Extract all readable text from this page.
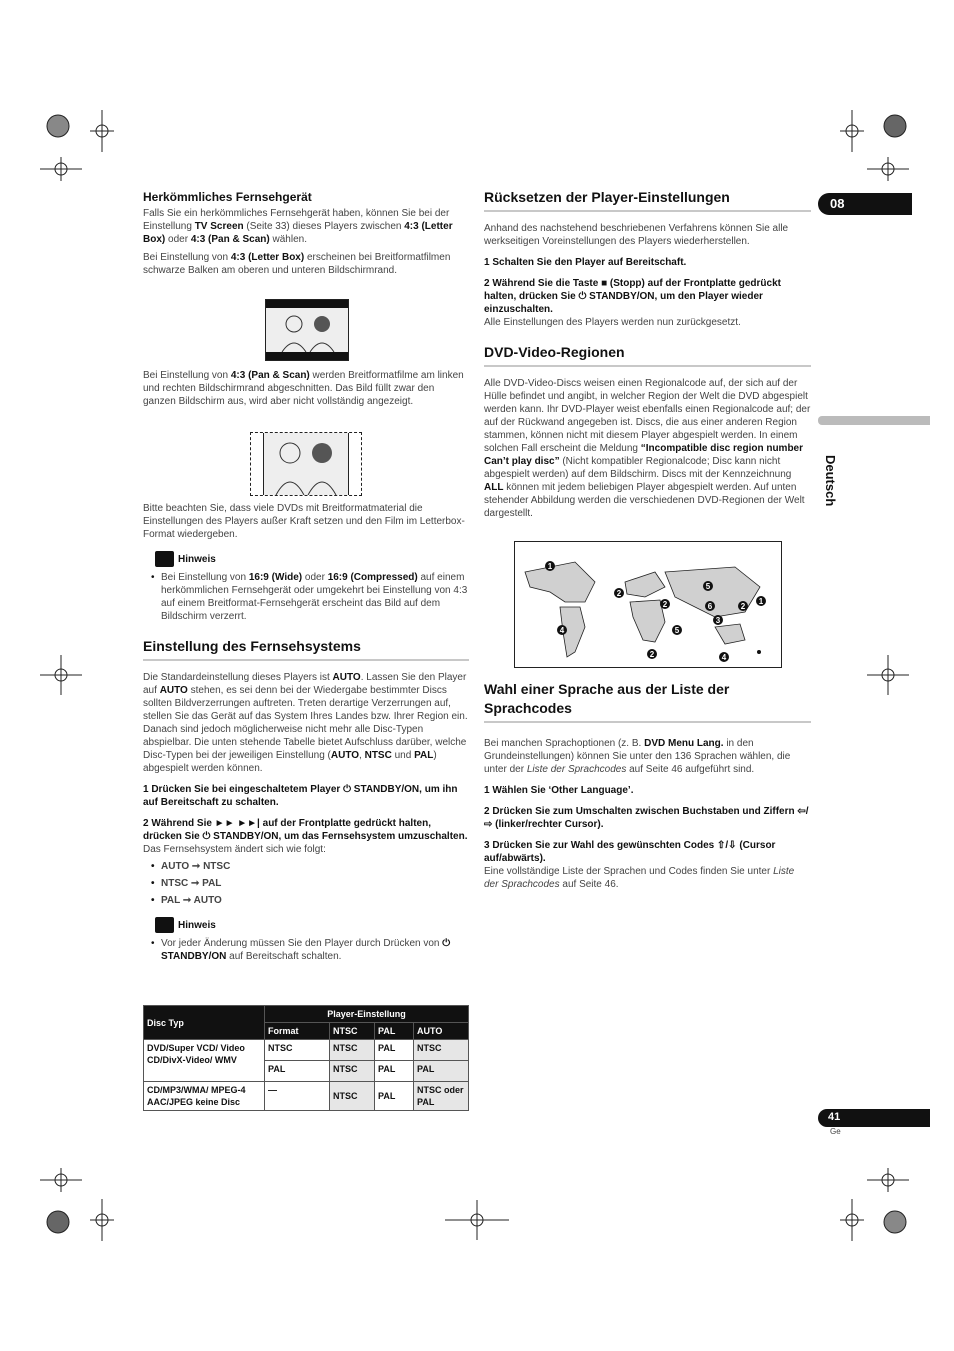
08
Deutsch
41
Ge
Herkömmliches Fernsehgerät

Falls Sie ein herkömmliches Fernsehgerät haben, können Sie bei der Einstellung TV Screen (Seite 33) dieses Players zwischen 4:3 (Letter Box) oder 4:3 (Pan & Scan) wählen.

Bei Einstellung von 4:3 (Letter Box) erscheinen bei Breitformatfilmen schwarze Balken am oberen und unteren Bildschirmrand.

Bei Einstellung von 4:3 (Pan & Scan) werden Breitformatfilme am linken und rechten Bildschirmrand abgeschnitten. Das Bild füllt zwar den ganzen Bildschirm aus, wird aber nicht vollständig angezeigt.

Bitte beachten Sie, dass viele DVDs mit Breitformatmaterial die Einstellungen des Players außer Kraft setzen und den Film im Letterbox-Format wiedergeben.

Hinweis

• Bei Einstellung von 16:9 (Wide) oder 16:9 (Compressed) auf einem herkömmlichen Fernsehgerät oder umgekehrt bei Einstellung von 4:3 auf einem Breitformat-Fernsehgerät erscheint das Bild auf dem Bildschirm verzerrt.

Einstellung des Fernsehsystems

Die Standardeinstellung dieses Players ist AUTO. Lassen Sie den Player auf AUTO stehen, es sei denn bei der Wiedergabe bestimmter Discs sollten Bildverzerrungen auftreten. Treten derartige Verzerrungen auf, stellen Sie das Gerät auf das System Ihres Landes bzw. Ihrer Region ein. Danach sind jedoch möglicherweise nicht mehr alle Disc-Typen abspielbar. Die unten stehende Tabelle bietet Aufschluss darüber, welche Disc-Typen bei der jeweiligen Einstellung (AUTO, NTSC und PAL) abgespielt werden können.

1 Drücken Sie bei eingeschaltetem Player ⏻ STANDBY/ON, um ihn auf Bereitschaft zu schalten.
2 Während Sie ►► ►►| auf der Frontplatte gedrückt halten, drücken Sie ⏻ STANDBY/ON, um das Fernsehsystem umzuschalten.

Das Fernsehsystem ändert sich wie folgt:

• AUTO ➞ NTSC
• NTSC ➞ PAL
• PAL ➞ AUTO
Hinweis

• Vor jeder Änderung müssen Sie den Player durch Drücken von ⏻ STANDBY/ON auf Bereitschaft schalten.

Disc Typ	Player-Einstellung			
	Format	NTSC	PAL	AUTO
DVD/Super VCD/ Video CD/DivX-Video/ WMV	NTSC	NTSC	PAL	NTSC
	PAL	NTSC	PAL	PAL
CD/MP3/WMA/ MPEG-4 AAC/JPEG keine Disc	—	NTSC	PAL	NTSC oder PAL
Rücksetzen der Player-Einstellungen

Anhand des nachstehend beschriebenen Verfahrens können Sie alle werkseitigen Voreinstellungen des Players wiederherstellen.

1 Schalten Sie den Player auf Bereitschaft.
2 Während Sie die Taste ■ (Stopp) auf der Frontplatte gedrückt halten, drücken Sie ⏻ STANDBY/ON, um den Player wieder einzuschalten.

Alle Einstellungen des Players werden nun zurückgesetzt.

DVD-Video-Regionen

Alle DVD-Video-Discs weisen einen Regionalcode auf, der sich auf der Hülle befindet und angibt, in welcher Region der Welt die DVD abgespielt werden kann. Ihr DVD-Player weist ebenfalls einen Regionalcode auf; der auf der Rückwand angegeben ist. Discs, die aus einer anderen Region stammen, können nicht mit diesem Player abgespielt werden. In einem solchen Fall erscheint die Meldung “Incompatible disc region number Can’t play disc” (Nicht kompatibler Regionalcode; Disc kann nicht abgespielt werden) auf dem Bildschirm. Discs mit der Kennzeichnung ALL können mit jedem beliebigen Player abgespielt werden. Auf unten stehender Abbildung werden die verschiedenen DVD-Regionen der Welt dargestellt.

1
2
4
5
2	6	2
1
3
5
4
2
Wahl einer Sprache aus der Liste der Sprachcodes

Bei manchen Sprachoptionen (z. B. DVD Menu Lang. in den Grundeinstellungen) können Sie unter den 136 Sprachen wählen, die unter der Liste der Sprachcodes auf Seite 46 aufgeführt sind.

1 Wählen Sie ‘Other Language’.
2 Drücken Sie zum Umschalten zwischen Buchstaben und Ziffern ⇦/⇨ (linker/rechter Cursor).
3 Drücken Sie zur Wahl des gewünschten Codes ⇧/⇩ (Cursor auf/abwärts).

Eine vollständige Liste der Sprachen und Codes finden Sie unter Liste der Sprachcodes auf Seite 46.
